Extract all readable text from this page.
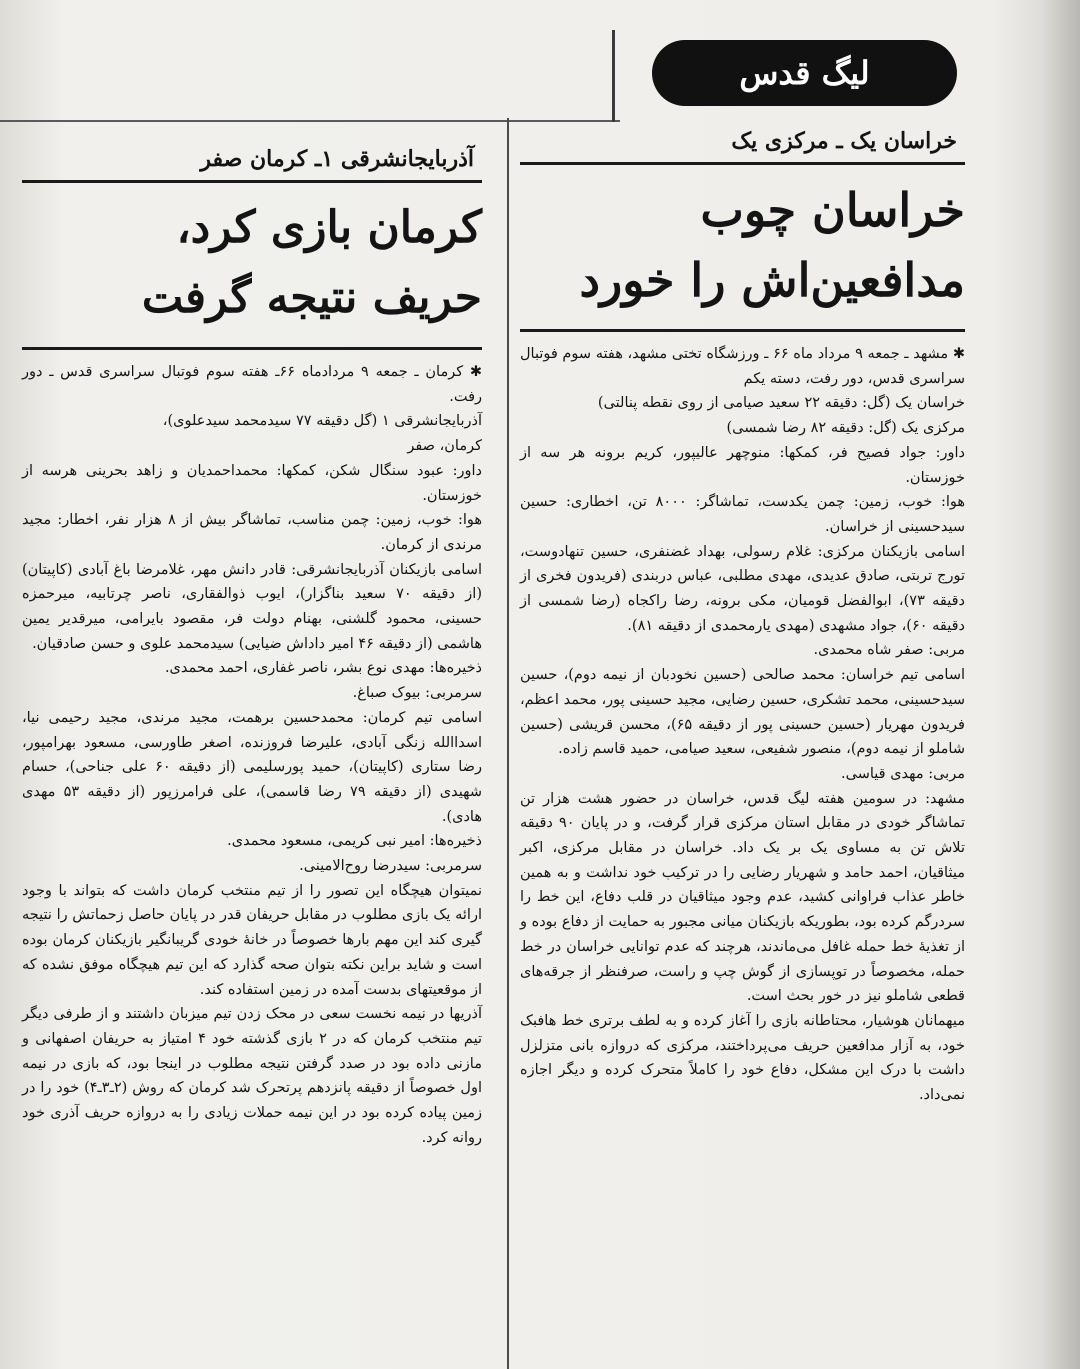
لیگ قدس
خراسان یک ـ مرکزی یک
خراسان چوب
مدافعین‌اش را خورد

✱ مشهد ـ جمعه ۹ مرداد ماه ۶۶ ـ ورزشگاه تختی مشهد، هفته سوم فوتبال سراسری قدس، دور رفت، دسته یکم

خراسان یک (گل: دقیقه ۲۲ سعید صیامی از روی نقطه پنالتی)

مرکزی یک (گل: دقیقه ۸۲ رضا شمسی)

داور: جواد فصیح فر، کمکها: منوچهر عالیپور، کریم برونه هر سه از خوزستان.

هوا: خوب، زمین: چمن یکدست، تماشاگر: ۸۰۰۰ تن، اخطاری: حسین سیدحسینی از خراسان.

اسامی بازیکنان مرکزی: غلام رسولی، بهداد غضنفری، حسین تنهادوست، تورج تربتی، صادق عدیدی، مهدی مطلبی، عباس دربندی (فریدون فخری از دقیقه ۷۳)، ابوالفضل قومیان، مکی برونه، رضا راکجاه (رضا شمسی از دقیقه ۶۰)، جواد مشهدی (مهدی یارمحمدی از دقیقه ۸۱).

مربی: صفر شاه محمدی.

اسامی تیم خراسان: محمد صالحی (حسین نخودبان از نیمه دوم)، حسین سیدحسینی، محمد تشکری، حسین رضایی، مجید حسینی پور، محمد اعظم، فریدون مهریار (حسین حسینی پور از دقیقه ۶۵)، محسن قریشی (حسین شاملو از نیمه دوم)، منصور شفیعی، سعید صیامی، حمید قاسم زاده.

مربی: مهدی قیاسی.

مشهد: در سومین هفته لیگ قدس، خراسان در حضور هشت هزار تن تماشاگر خودی در مقابل استان مرکزی قرار گرفت، و در پایان ۹۰ دقیقه تلاش تن به مساوی یک بر یک داد. خراسان در مقابل مرکزی، اکبر میثاقیان، احمد حامد و شهریار رضایی را در ترکیب خود نداشت و به همین خاطر عذاب فراوانی کشید، عدم وجود میثاقیان در قلب دفاع، این خط را سردرگم کرده بود، بطوریکه بازیکنان میانی مجبور به حمایت از دفاع بوده و از تغذیهٔ خط حمله غافل می‌ماندند، هرچند که عدم توانایی خراسان در خط حمله، مخصوصاً در توپسازی از گوش چپ و راست، صرفنظر از جرقه‌های قطعی شاملو نیز در خور بحث است.

میهمانان هوشیار، محتاطانه بازی را آغاز کرده و به لطف برتری خط هافبک خود، به آزار مدافعین حریف می‌پرداختند، مرکزی که دروازه بانی متزلزل داشت با درک این مشکل، دفاع خود را کاملاً متحرک کرده و دیگر اجازه نمی‌داد.

آذربایجانشرقی ۱ـ کرمان صفر
کرمان بازی کرد،
حریف نتیجه گرفت

✱ کرمان ـ جمعه ۹ مردادماه ۶۶ـ هفته سوم فوتبال سراسری قدس ـ دور رفت.

آذربایجانشرقی ۱ (گل دقیقه ۷۷ سیدمحمد سیدعلوی)،

کرمان، صفر

داور: عبود سنگال شکن، کمکها: محمداحمدیان و زاهد بحرینی هرسه از خوزستان.

هوا: خوب، زمین: چمن مناسب، تماشاگر بیش از ۸ هزار نفر، اخطار: مجید مرندی از کرمان.

اسامی بازیکنان آذربایجانشرقی: قادر دانش مهر، غلامرضا باغ آبادی (کاپیتان) (از دقیقه ۷۰ سعید بناگزار)، ایوب ذوالفقاری، ناصر چرتابیه، میرحمزه حسینی، محمود گلشنی، بهنام دولت فر، مقصود بایرامی، میرقدیر یمین هاشمی (از دقیقه ۴۶ امیر داداش ضیایی) سیدمحمد علوی و حسن صادقیان.

ذخیره‌ها: مهدی نوع بشر، ناصر غفاری، احمد محمدی.

سرمربی: بیوک صباغ.

اسامی تیم کرمان: محمدحسین برهمت، مجید مرندی، مجید رحیمی نیا، اسداالله زنگی آبادی، علیرضا فروزنده، اصغر طاورسی، مسعود بهرامپور، رضا ستاری (کاپیتان)، حمید پورسلیمی (از دقیقه ۶۰ علی جناحی)، حسام شهیدی (از دقیقه ۷۹ رضا قاسمی)، علی فرامرزپور (از دقیقه ۵۳ مهدی هادی).

ذخیره‌ها: امیر نبی کریمی، مسعود محمدی.

سرمربی: سیدرضا روح‌الامینی.

نمیتوان هیچگاه این تصور را از تیم منتخب کرمان داشت که بتواند با وجود ارائه یک بازی مطلوب در مقابل حریفان قدر در پایان حاصل زحماتش را نتیجه گیری کند این مهم بارها خصوصاً در خانهٔ خودی گریبانگیر بازیکنان کرمان بوده است و شاید براین نکته بتوان صحه گذارد که این تیم هیچگاه موفق نشده که از موقعیتهای بدست آمده در زمین استفاده کند.

آذریها در نیمه نخست سعی در محک زدن تیم میزبان داشتند و از طرفی دیگر تیم منتخب کرمان که در ۲ بازی گذشته خود ۴ امتیاز به حریفان اصفهانی و مازنی داده بود در صدد گرفتن نتیجه مطلوب در اینجا بود، که بازی در نیمه اول خصوصاً از دقیقه پانزدهم پرتحرک شد کرمان که روش (۲ـ۳ـ۴) خود را در زمین پیاده کرده بود در این نیمه حملات زیادی را به دروازه حریف آذری خود روانه کرد.
